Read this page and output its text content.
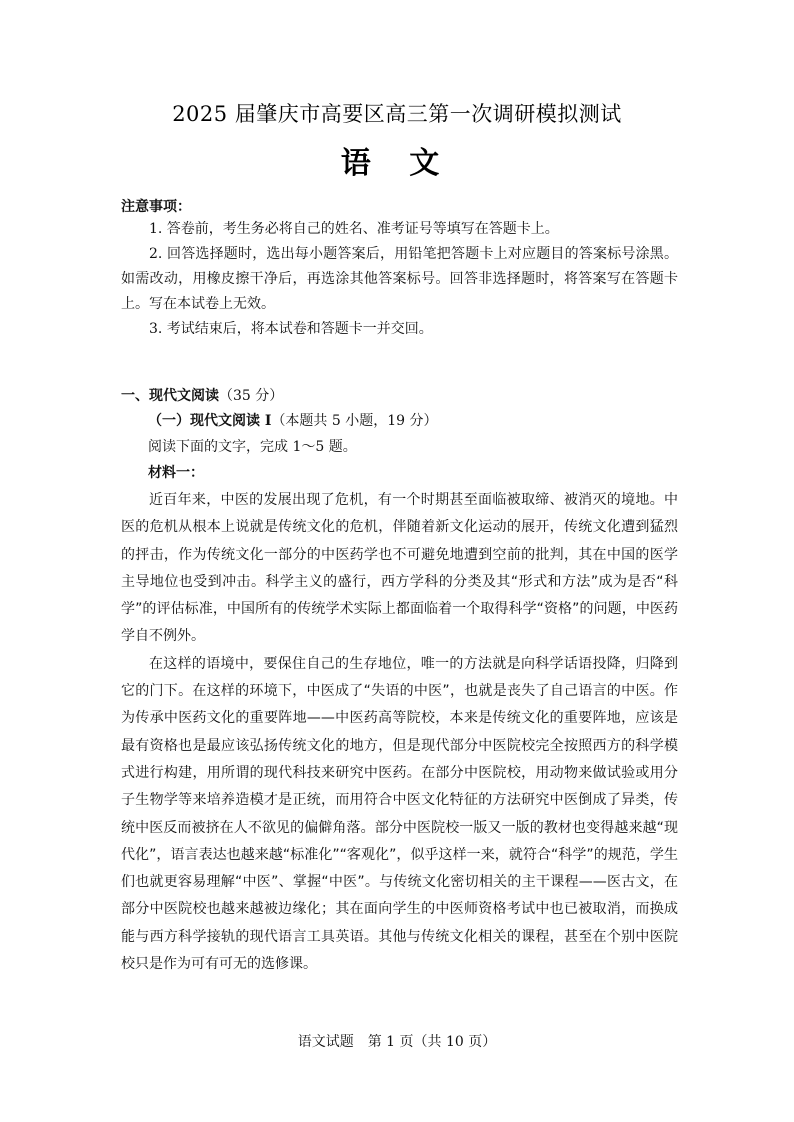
2025 届肇庆市高要区高三第一次调研模拟测试
语 文
注意事项：

1. 答卷前，考生务必将自己的姓名、准考证号等填写在答题卡上。

2. 回答选择题时，选出每小题答案后，用铅笔把答题卡上对应题目的答案标号涂黑。如需改动，用橡皮擦干净后，再选涂其他答案标号。回答非选择题时，将答案写在答题卡上。写在本试卷上无效。

3. 考试结束后，将本试卷和答题卡一并交回。

一、现代文阅读（35 分）
（一）现代文阅读 I（本题共 5 小题，19 分）
阅读下面的文字，完成 1～5 题。
材料一：

近百年来，中医的发展出现了危机，有一个时期甚至面临被取缔、被消灭的境地。中医的危机从根本上说就是传统文化的危机，伴随着新文化运动的展开，传统文化遭到猛烈的抨击，作为传统文化一部分的中医药学也不可避免地遭到空前的批判，其在中国的医学主导地位也受到冲击。科学主义的盛行，西方学科的分类及其“形式和方法”成为是否“科学”的评估标准，中国所有的传统学术实际上都面临着一个取得科学“资格”的问题，中医药学自不例外。

在这样的语境中，要保住自己的生存地位，唯一的方法就是向科学话语投降，归降到它的门下。在这样的环境下，中医成了“失语的中医”，也就是丧失了自己语言的中医。作为传承中医药文化的重要阵地——中医药高等院校，本来是传统文化的重要阵地，应该是最有资格也是最应该弘扬传统文化的地方，但是现代部分中医院校完全按照西方的科学模式进行构建，用所谓的现代科技来研究中医药。在部分中医院校，用动物来做试验或用分子生物学等来培养造模才是正统，而用符合中医文化特征的方法研究中医倒成了异类，传统中医反而被挤在人不欲见的偏僻角落。部分中医院校一版又一版的教材也变得越来越“现代化”，语言表达也越来越“标准化”“客观化”，似乎这样一来，就符合“科学”的规范，学生们也就更容易理解“中医”、掌握“中医”。与传统文化密切相关的主干课程——医古文，在部分中医院校也越来越被边缘化；其在面向学生的中医师资格考试中也已被取消，而换成能与西方科学接轨的现代语言工具英语。其他与传统文化相关的课程，甚至在个别中医院校只是作为可有可无的选修课。

语文试题　第 1 页（共 10 页）
